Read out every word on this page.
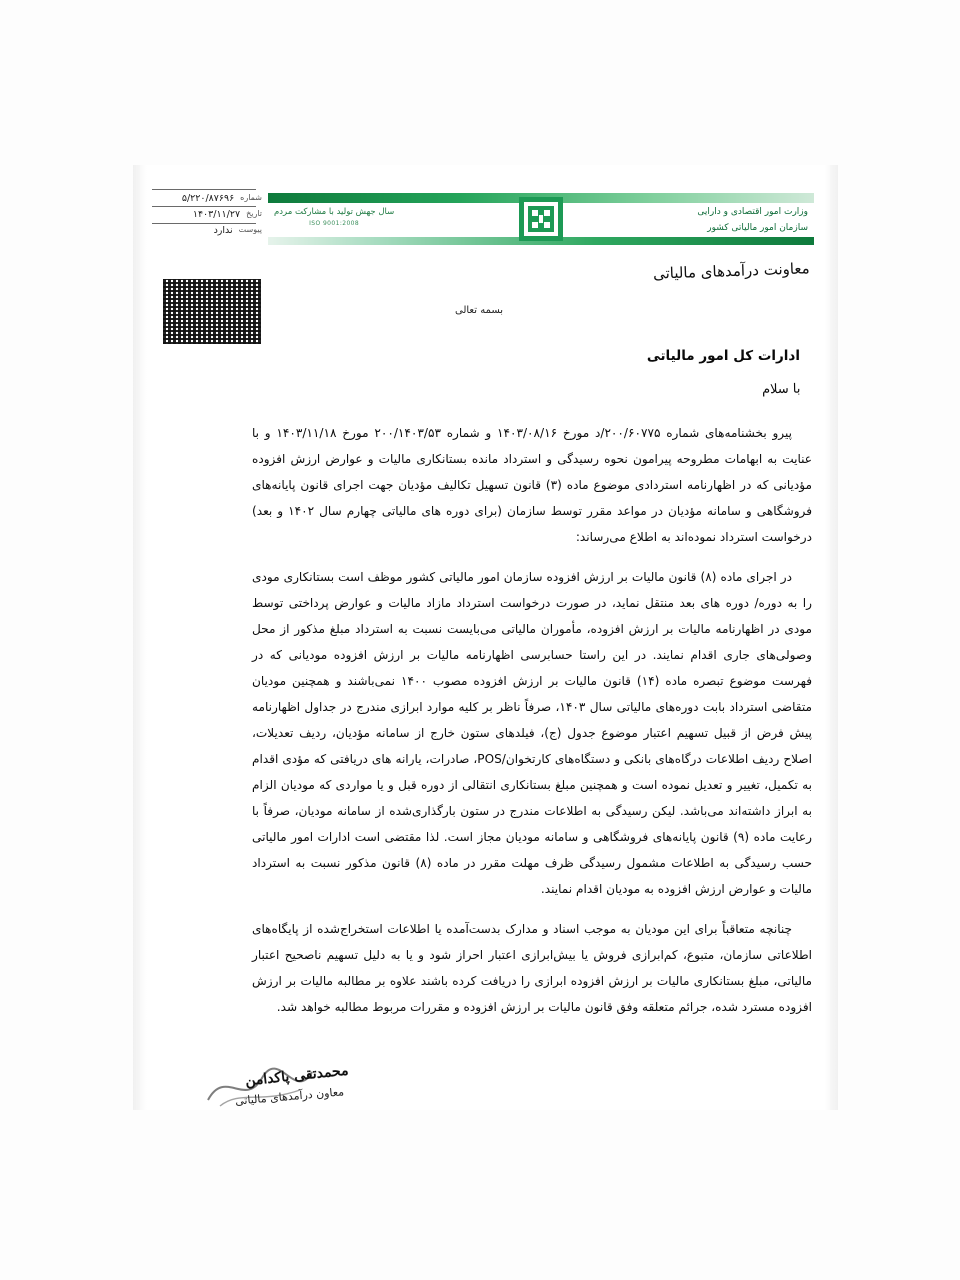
شماره
۵/۲۲۰/۸۷۶۹۶
تاریخ
۱۴۰۳/۱۱/۲۷
پیوست
ندارد
وزارت امور اقتصادی و دارایی
سازمان امور مالیاتی کشور
سال جهش تولید با مشارکت مردم
ISO 9001:2008
معاونت درآمدهای مالیاتی
بسمه تعالی
ادارات کل امور مالیاتی
با سلام

پیرو بخشنامه‌های شماره ۲۰۰/۶۰۷۷۵/د مورخ ۱۴۰۳/۰۸/۱۶ و شماره ۲۰۰/۱۴۰۳/۵۳ مورخ ۱۴۰۳/۱۱/۱۸ و با عنایت به ابهامات مطروحه پیرامون نحوه رسیدگی و استرداد مانده بستانکاری مالیات و عوارض ارزش افزوده مؤدیانی که در اظهارنامه استردادی موضوع ماده (۳) قانون تسهیل تکالیف مؤدیان جهت اجرای قانون پایانه‌های فروشگاهی و سامانه مؤدیان در مواعد مقرر توسط سازمان (برای دوره های مالیاتی چهارم سال ۱۴۰۲ و بعد) درخواست استرداد نموده‌اند به اطلاع می‌رساند:

در اجرای ماده (۸) قانون مالیات بر ارزش افزوده سازمان امور مالیاتی کشور موظف است بستانکاری مودی را به دوره/ دوره های بعد منتقل نماید، در صورت درخواست استرداد مازاد مالیات و عوارض پرداختی توسط مودی در اظهارنامه مالیات بر ارزش افزوده، مأموران مالیاتی می‌بایست نسبت به استرداد مبلغ مذکور از محل وصولی‌های جاری اقدام نمایند. در این راستا حسابرسی اظهارنامه مالیات بر ارزش افزوده مودیانی که در فهرست موضوع تبصره ماده (۱۴) قانون مالیات بر ارزش افزوده مصوب ۱۴۰۰ نمی‌باشند و همچنین مودیان متقاضی استرداد بابت دوره‌های مالیاتی سال ۱۴۰۳، صرفاً ناظر بر کلیه موارد ابرازی مندرج در جداول اظهارنامه پیش فرض از قبیل تسهیم اعتبار موضوع جدول (ج)، فیلدهای ستون خارج از سامانه مؤدیان، ردیف تعدیلات، اصلاح ردیف اطلاعات درگاه‌های بانکی و دستگاه‌های کارتخوان/POS، صادرات، یارانه های دریافتی که مؤدی اقدام به تکمیل، تغییر و تعدیل نموده است و همچنین مبلغ بستانکاری انتقالی از دوره قبل و یا مواردی که مودیان الزام به ابراز داشته‌اند می‌باشد. لیکن رسیدگی به اطلاعات مندرج در ستون بارگذاری‌شده از سامانه مودیان، صرفاً با رعایت ماده (۹) قانون پایانه‌های فروشگاهی و سامانه مودیان مجاز است. لذا مقتضی است ادارات امور مالیاتی حسب رسیدگی به اطلاعات مشمول رسیدگی ظرف مهلت مقرر در ماده (۸) قانون مذکور نسبت به استرداد مالیات و عوارض ارزش افزوده به مودیان اقدام نمایند.

چنانچه متعاقباً برای این مودیان به موجب اسناد و مدارک بدست‌آمده یا اطلاعات استخراج‌شده از پایگاه‌های اطلاعاتی سازمان، متبوع، کم‌ابرازی فروش یا بیش‌ابرازی اعتبار احراز شود و یا به دلیل تسهیم ناصحیح اعتبار مالیاتی، مبلغ بستانکاری مالیات بر ارزش افزوده ابرازی را دریافت کرده باشند علاوه بر مطالبه مالیات بر ارزش افزوده مسترد شده، جرائم متعلقه وفق قانون مالیات بر ارزش افزوده و مقررات مربوط مطالبه خواهد شد.

محمدتقی پاکدامن
معاون درآمدهای مالیاتی
